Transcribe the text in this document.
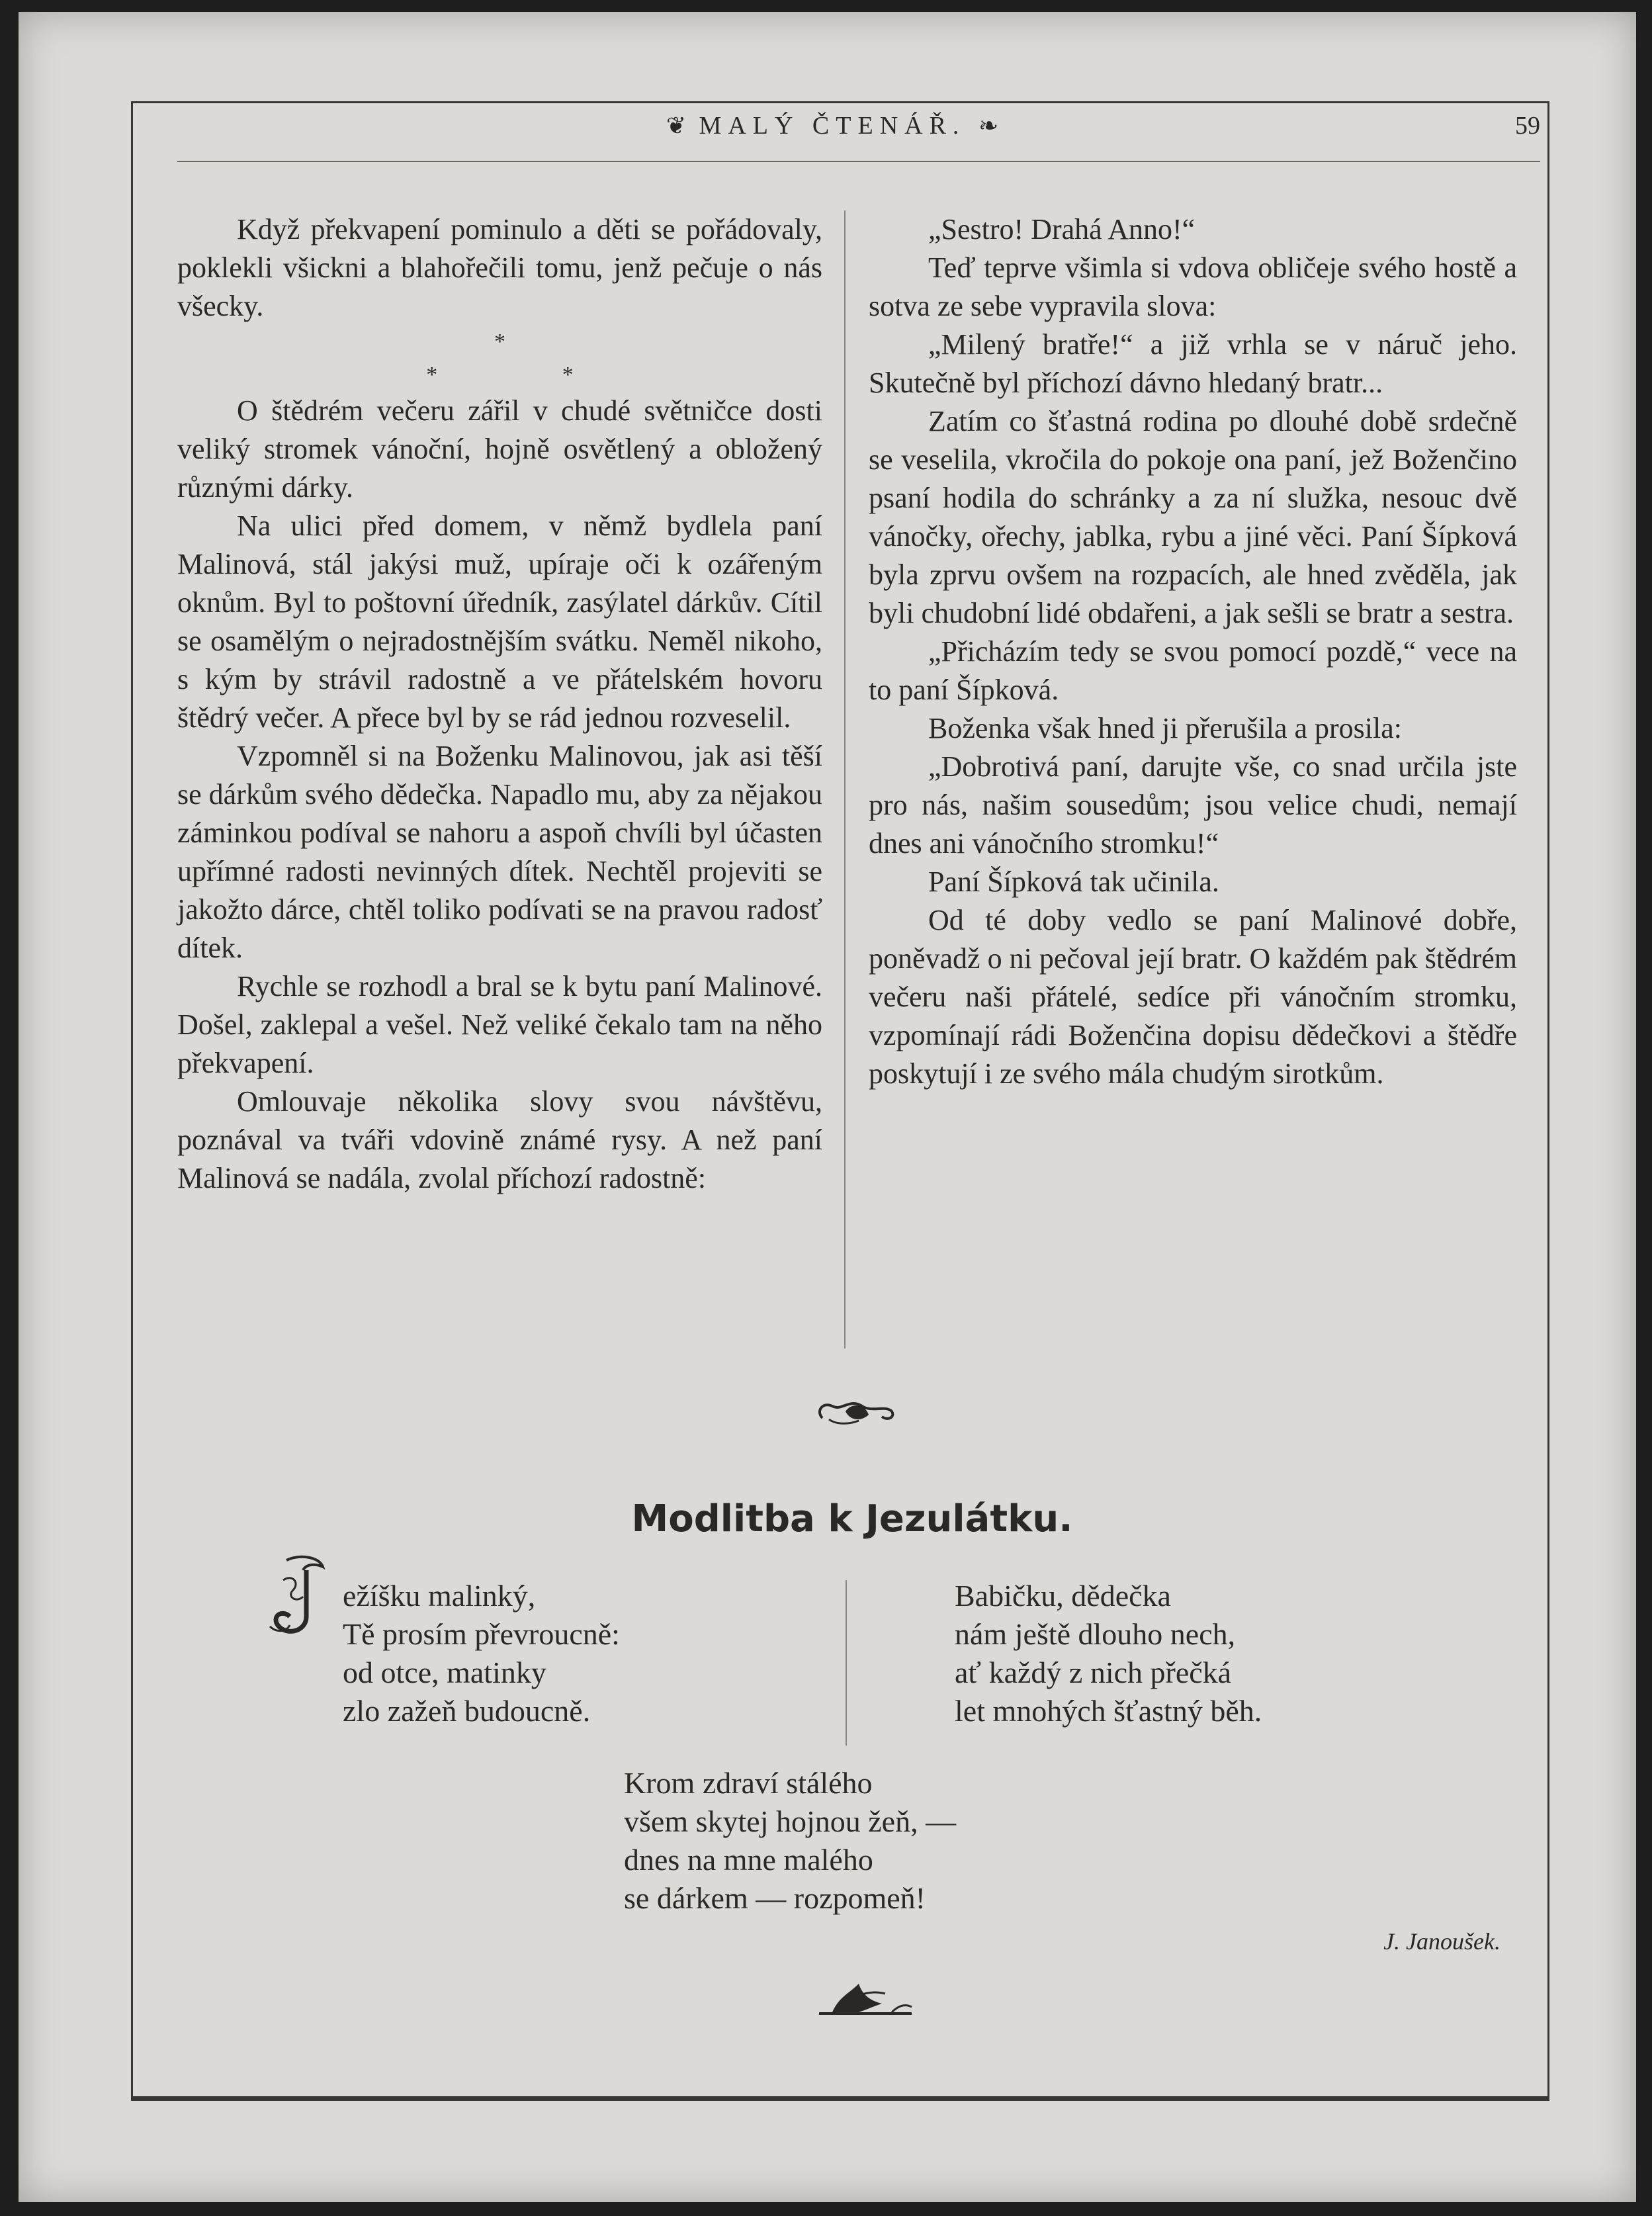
❦ MALÝ ČTENÁŘ. ❧	59

Když překvapení pominulo a děti se pořádovaly, poklekli všickni a blahořečili tomu, jenž pečuje o nás všecky.

*
* *

O štědrém večeru zářil v chudé světničce dosti veliký stromek vánoční, hojně osvětlený a obložený různými dárky.

Na ulici před domem, v němž bydlela paní Malinová, stál jakýsi muž, upíraje oči k ozářeným oknům. Byl to poštovní úředník, zasýlatel dárkův. Cítil se osamělým o nejradostnějším svátku. Neměl nikoho, s kým by strávil radostně a ve přátelském hovoru štědrý večer. A přece byl by se rád jednou rozveselil.

Vzpomněl si na Boženku Malinovou, jak asi těší se dárkům svého dědečka. Napadlo mu, aby za nějakou záminkou podíval se nahoru a aspoň chvíli byl účasten upřímné radosti nevinných dítek. Nechtěl projeviti se jakožto dárce, chtěl toliko podívati se na pravou radosť dítek.

Rychle se rozhodl a bral se k bytu paní Malinové. Došel, zaklepal a vešel. Než veliké čekalo tam na něho překvapení.

Omlouvaje několika slovy svou návštěvu, poznával va tváři vdovině známé rysy. A než paní Malinová se nadála, zvolal příchozí radostně:

„Sestro! Drahá Anno!“

Teď teprve všimla si vdova obličeje svého hostě a sotva ze sebe vypravila slova:

„Milený bratře!“ a již vrhla se v náruč jeho. Skutečně byl příchozí dávno hledaný bratr...

Zatím co šťastná rodina po dlouhé době srdečně se veselila, vkročila do pokoje ona paní, jež Boženčino psaní hodila do schránky a za ní služka, nesouc dvě vánočky, ořechy, jablka, rybu a jiné věci. Paní Šípková byla zprvu ovšem na rozpacích, ale hned zvěděla, jak byli chudobní lidé obdařeni, a jak sešli se bratr a sestra.

„Přicházím tedy se svou pomocí pozdě,“ vece na to paní Šípková.

Boženka však hned ji přerušila a prosila:

„Dobrotivá paní, darujte vše, co snad určila jste pro nás, našim sousedům; jsou velice chudi, nemají dnes ani vánočního stromku!“

Paní Šípková tak učinila.

Od té doby vedlo se paní Malinové dobře, poněvadž o ni pečoval její bratr. O každém pak štědrém večeru naši přátelé, sedíce při vánočním stromku, vzpomínají rádi Boženčina dopisu dědečkovi a štědře poskytují i ze svého mála chudým sirotkům.

Modlitba k Jezulátku.
J
ežíšku malinký,
Tě prosím převroucně:
od otce, matinky
zlo zažeň budoucně.
Babičku, dědečka
nám ještě dlouho nech,
ať každý z nich přečká
let mnohých šťastný běh.
Krom zdraví stálého
všem skytej hojnou žeň, —
dnes na mne malého
se dárkem — rozpomeň!
J. Janoušek.
